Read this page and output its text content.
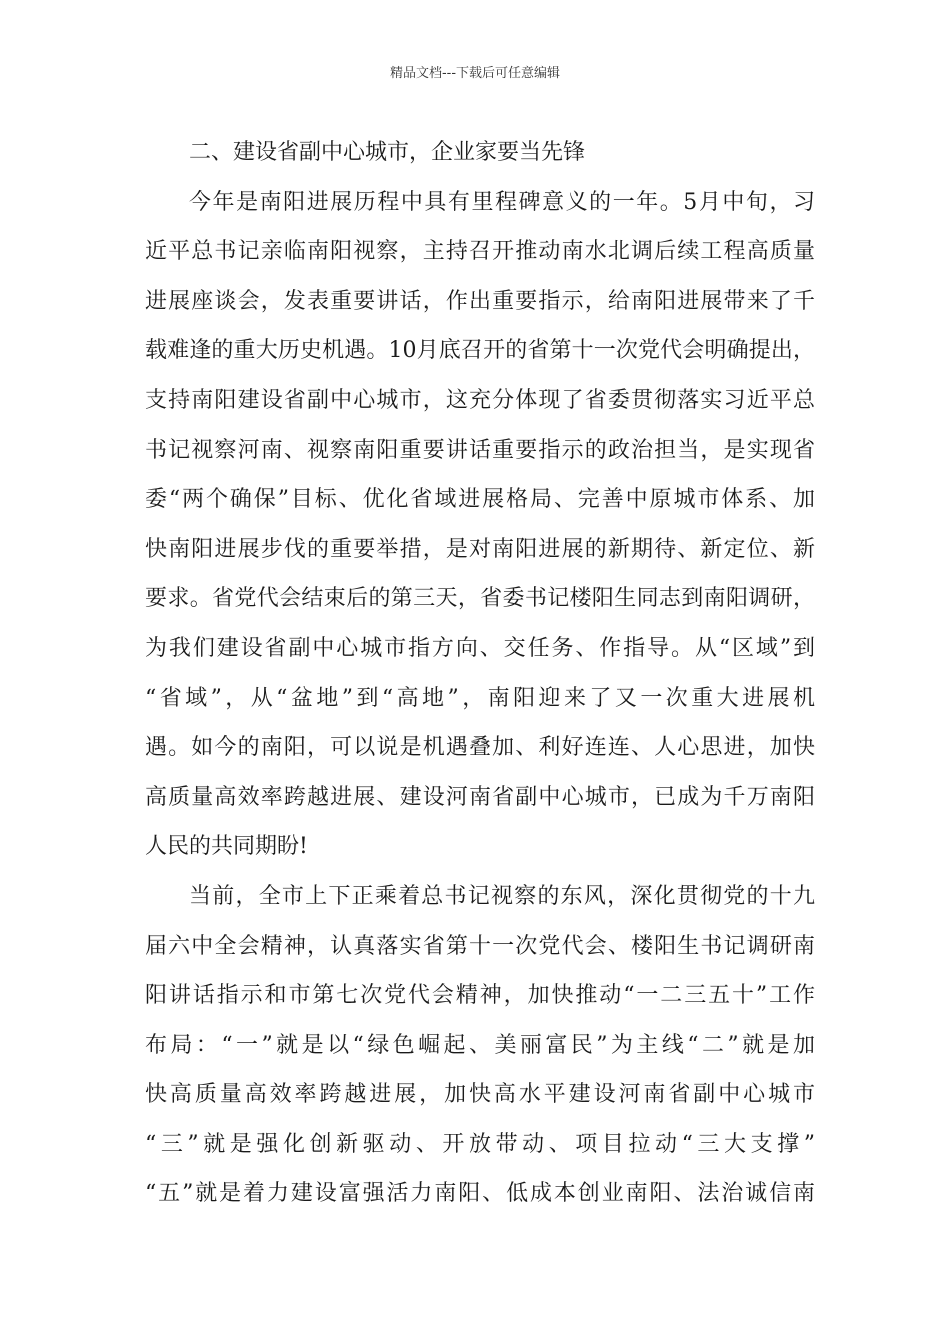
精品文档---下载后可任意编辑
二、建设省副中心城市，企业家要当先锋
今年是南阳进展历程中具有里程碑意义的一年。5月中旬，习
近平总书记亲临南阳视察，主持召开推动南水北调后续工程高质量
进展座谈会，发表重要讲话，作出重要指示，给南阳进展带来了千
载难逢的重大历史机遇。10月底召开的省第十一次党代会明确提出，
支持南阳建设省副中心城市，这充分体现了省委贯彻落实习近平总
书记视察河南、视察南阳重要讲话重要指示的政治担当，是实现省
委“两个确保”目标、优化省域进展格局、完善中原城市体系、加
快南阳进展步伐的重要举措，是对南阳进展的新期待、新定位、新
要求。省党代会结束后的第三天，省委书记楼阳生同志到南阳调研，
为我们建设省副中心城市指方向、交任务、作指导。从“区域”到
“省域”，从“盆地”到“高地”，南阳迎来了又一次重大进展机
遇。如今的南阳，可以说是机遇叠加、利好连连、人心思进，加快
高质量高效率跨越进展、建设河南省副中心城市，已成为千万南阳
人民的共同期盼!
当前，全市上下正乘着总书记视察的东风，深化贯彻党的十九
届六中全会精神，认真落实省第十一次党代会、楼阳生书记调研南
阳讲话指示和市第七次党代会精神，加快推动“一二三五十”工作
布局：“一”就是以“绿色崛起、美丽富民”为主线“二”就是加
快高质量高效率跨越进展，加快高水平建设河南省副中心城市
“三”就是强化创新驱动、开放带动、项目拉动“三大支撑”
“五”就是着力建设富强活力南阳、低成本创业南阳、法治诚信南
